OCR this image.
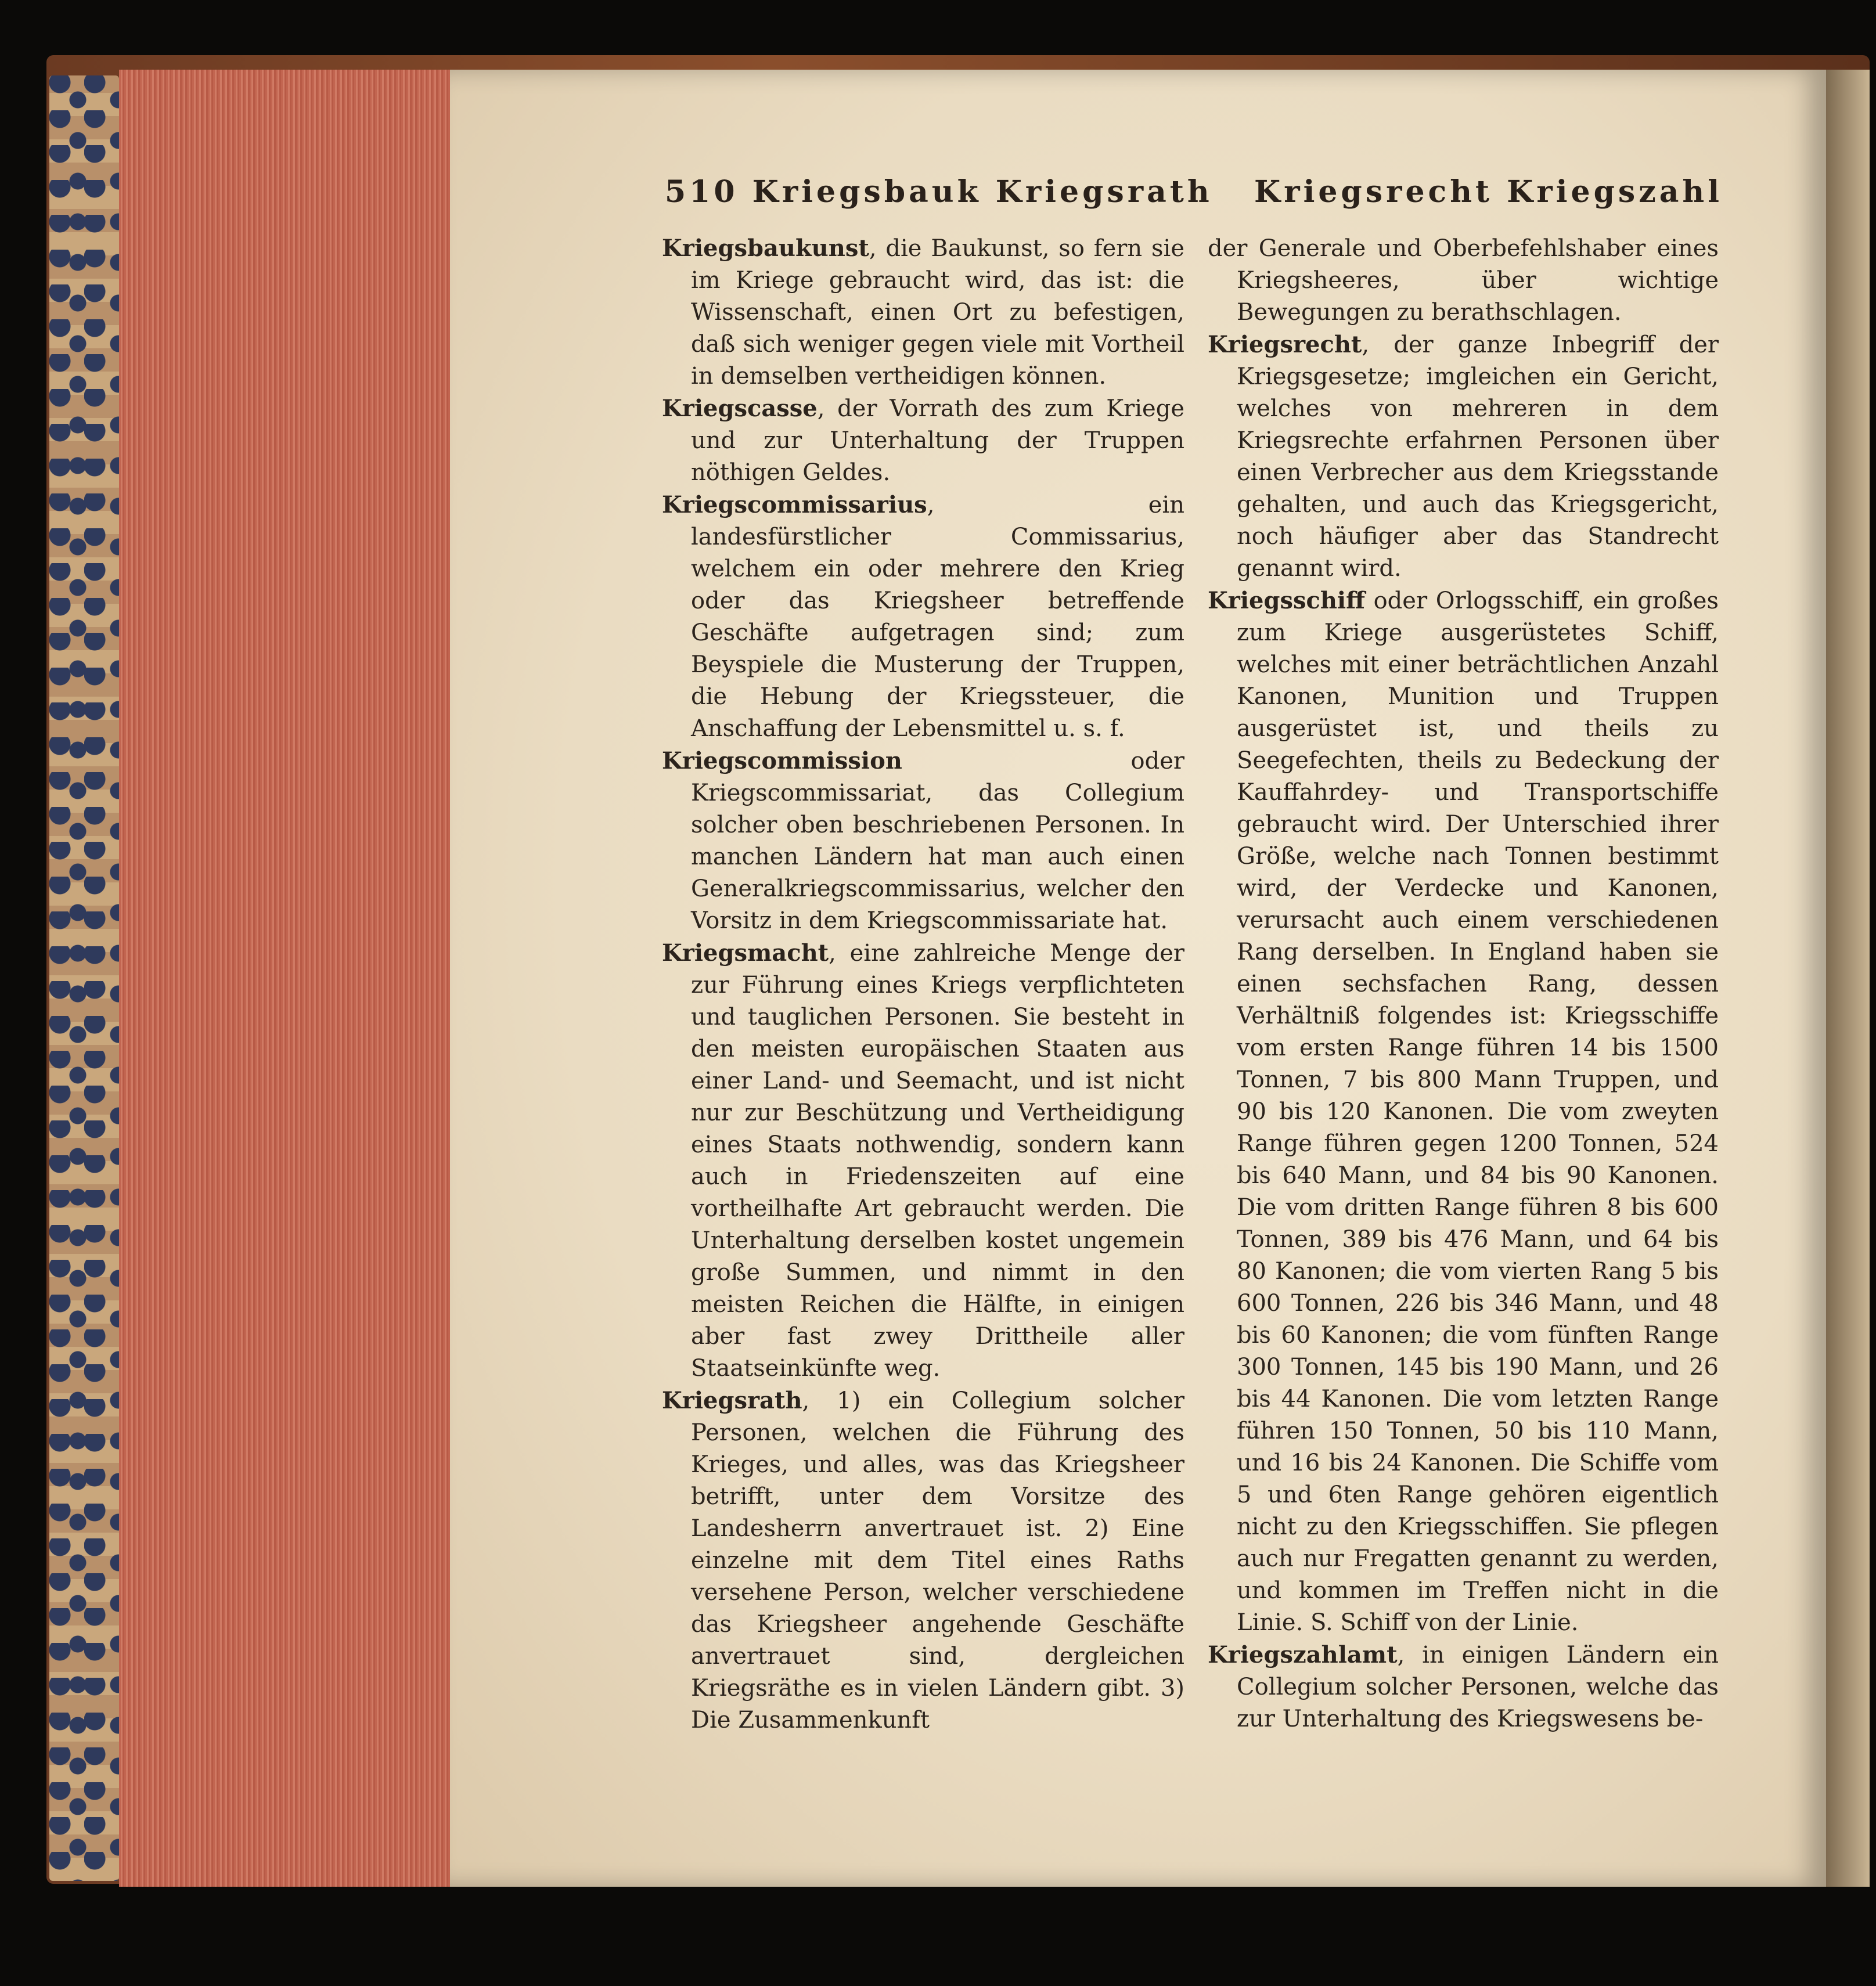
510 Kriegsbauk Kriegsrath Kriegsrecht Kriegszahl

Kriegsbaukunst, die Baukunst, so fern sie im Kriege gebraucht wird, das ist: die Wissenschaft, einen Ort zu befestigen, daß sich weniger gegen viele mit Vortheil in demselben vertheidigen können.

Kriegscasse, der Vorrath des zum Kriege und zur Unterhaltung der Truppen nöthigen Geldes.

Kriegscommissarius, ein landesfürstlicher Commissarius, welchem ein oder mehrere den Krieg oder das Kriegsheer betreffende Geschäfte aufgetragen sind; zum Beyspiele die Musterung der Truppen, die Hebung der Kriegssteuer, die Anschaffung der Lebensmittel u. s. f.

Kriegscommission oder Kriegscommissariat, das Collegium solcher oben beschriebenen Personen. In manchen Ländern hat man auch einen Generalkriegscommissarius, welcher den Vorsitz in dem Kriegscommissariate hat.

Kriegsmacht, eine zahlreiche Menge der zur Führung eines Kriegs verpflichteten und tauglichen Personen. Sie besteht in den meisten europäischen Staaten aus einer Land- und Seemacht, und ist nicht nur zur Beschützung und Vertheidigung eines Staats nothwendig, sondern kann auch in Friedenszeiten auf eine vortheilhafte Art gebraucht werden. Die Unterhaltung derselben kostet ungemein große Summen, und nimmt in den meisten Reichen die Hälfte, in einigen aber fast zwey Drittheile aller Staatseinkünfte weg.

Kriegsrath, 1) ein Collegium solcher Personen, welchen die Führung des Krieges, und alles, was das Kriegsheer betrifft, unter dem Vorsitze des Landesherrn anvertrauet ist. 2) Eine einzelne mit dem Titel eines Raths versehene Person, welcher verschiedene das Kriegsheer angehende Geschäfte anvertrauet sind, dergleichen Kriegsräthe es in vielen Ländern gibt. 3) Die Zusammenkunft

der Generale und Oberbefehlshaber eines Kriegsheeres, über wichtige Bewegungen zu berathschlagen.

Kriegsrecht, der ganze Inbegriff der Kriegsgesetze; imgleichen ein Gericht, welches von mehreren in dem Kriegsrechte erfahrnen Personen über einen Verbrecher aus dem Kriegsstande gehalten, und auch das Kriegsgericht, noch häufiger aber das Standrecht genannt wird.

Kriegsschiff oder Orlogsschiff, ein großes zum Kriege ausgerüstetes Schiff, welches mit einer beträchtlichen Anzahl Kanonen, Munition und Truppen ausgerüstet ist, und theils zu Seegefechten, theils zu Bedeckung der Kauffahrdey- und Transportschiffe gebraucht wird. Der Unterschied ihrer Größe, welche nach Tonnen bestimmt wird, der Verdecke und Kanonen, verursacht auch einem verschiedenen Rang derselben. In England haben sie einen sechsfachen Rang, dessen Verhältniß folgendes ist: Kriegsschiffe vom ersten Range führen 14 bis 1500 Tonnen, 7 bis 800 Mann Truppen, und 90 bis 120 Kanonen. Die vom zweyten Range führen gegen 1200 Tonnen, 524 bis 640 Mann, und 84 bis 90 Kanonen. Die vom dritten Range führen 8 bis 600 Tonnen, 389 bis 476 Mann, und 64 bis 80 Kanonen; die vom vierten Rang 5 bis 600 Tonnen, 226 bis 346 Mann, und 48 bis 60 Kanonen; die vom fünften Range 300 Tonnen, 145 bis 190 Mann, und 26 bis 44 Kanonen. Die vom letzten Range führen 150 Tonnen, 50 bis 110 Mann, und 16 bis 24 Kanonen. Die Schiffe vom 5 und 6ten Range gehören eigentlich nicht zu den Kriegsschiffen. Sie pflegen auch nur Fregatten genannt zu werden, und kommen im Treffen nicht in die Linie. S. Schiff von der Linie.

Kriegszahlamt, in einigen Ländern ein Collegium solcher Personen, welche das zur Unterhaltung des Kriegswesens be-
